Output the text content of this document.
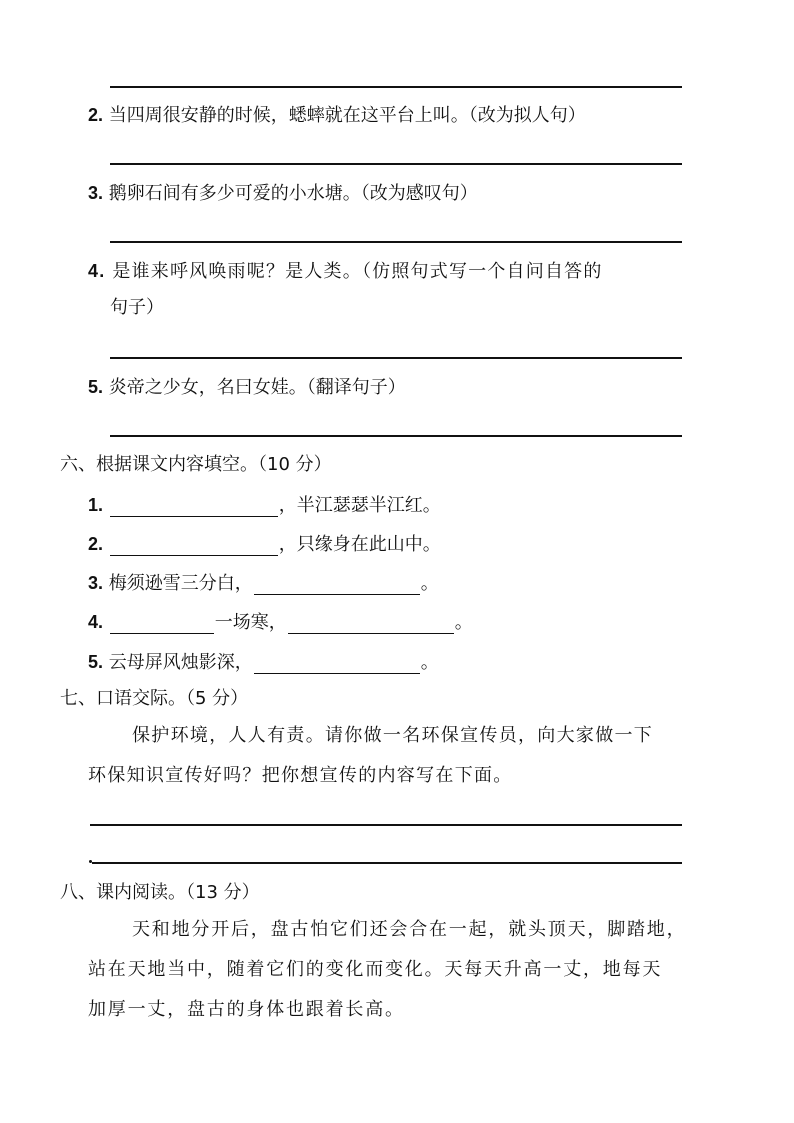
2. 当四周很安静的时候，蟋蟀就在这平台上叫。（改为拟人句）
3. 鹅卵石间有多少可爱的小水塘。（改为感叹句）
4. 是谁来呼风唤雨呢？是人类。（仿照句式写一个自问自答的
句子）
5. 炎帝之少女，名曰女娃。（翻译句子）
六、根据课文内容填空。（10 分）
1.	，半江瑟瑟半江红。
2.	，只缘身在此山中。
3. 梅须逊雪三分白，	。
4.	一场寒，	。
5. 云母屏风烛影深，	。
七、口语交际。（5 分）
保护环境，人人有责。请你做一名环保宣传员，向大家做一下
环保知识宣传好吗？把你想宣传的内容写在下面。
八、课内阅读。（13 分）
天和地分开后，盘古怕它们还会合在一起，就头顶天，脚踏地，
站在天地当中，随着它们的变化而变化。天每天升高一丈，地每天
加厚一丈，盘古的身体也跟着长高。
